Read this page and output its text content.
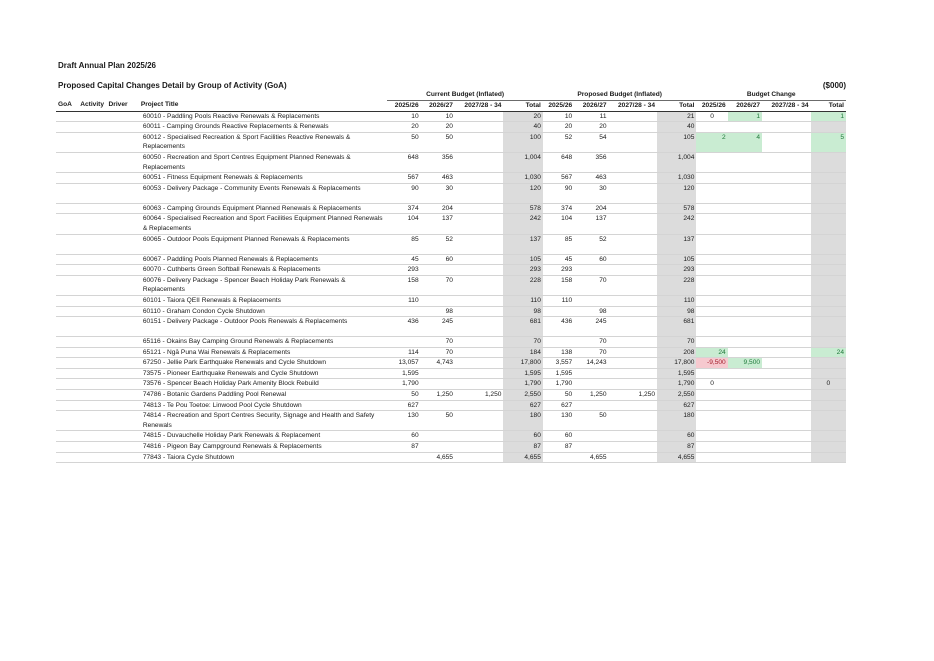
Draft Annual Plan 2025/26
Proposed Capital Changes Detail by Group of Activity (GoA)	($000)
				Current Budget (Inflated)				Proposed Budget (Inflated)				Budget Change			
GoA	Activity	Driver	Project Title	2025/26	2026/27	2027/28 - 34	Total	2025/26	2026/27	2027/28 - 34	Total	2025/26	2026/27	2027/28 - 34	Total
			60010 - Paddling Pools Reactive Renewals & Replacements	10	10		20	10	11		21	0	1		1
			60011 - Camping Grounds Reactive Replacements & Renewals	20	20		40	20	20		40				
			60012 - Specialised Recreation & Sport Facilities Reactive Renewals & Replacements	50	50		100	52	54		105	2	4		5
			60050 - Recreation and Sport Centres Equipment Planned Renewals & Replacements	648	356		1,004	648	356		1,004				
			60051 - Fitness Equipment Renewals & Replacements	567	463		1,030	567	463		1,030				
			60053 - Delivery Package - Community Events Renewals & Replacements	90	30		120	90	30		120				
			60063 - Camping Grounds Equipment Planned Renewals & Replacements	374	204		578	374	204		578				
			60064 - Specialised Recreation and Sport Facilities Equipment Planned Renewals & Replacements	104	137		242	104	137		242				
			60065 - Outdoor Pools Equipment Planned Renewals & Replacements	85	52		137	85	52		137				
			60067 - Paddling Pools Planned Renewals & Replacements	45	60		105	45	60		105				
			60070 - Cuthberts Green Softball Renewals & Replacements	293			293	293			293				
			60076 - Delivery Package - Spencer Beach Holiday Park Renewals & Replacements	158	70		228	158	70		228				
			60101 - Taiora QEII Renewals & Replacements	110			110	110			110				
			60110 - Graham Condon Cycle Shutdown		98		98		98		98				
			60151 - Delivery Package - Outdoor Pools Renewals & Replacements	436	245		681	436	245		681				
			65116 - Okains Bay Camping Ground Renewals & Replacements		70		70		70		70				
			65121 - Ngā Puna Wai Renewals & Replacements	114	70		184	138	70		208	24			24
			67250 - Jellie Park Earthquake Renewals and Cycle Shutdown	13,057	4,743		17,800	3,557	14,243		17,800	-9,500	9,500		
			73575 - Pioneer Earthquake Renewals and Cycle Shutdown	1,595			1,595	1,595			1,595				
			73576 - Spencer Beach Holiday Park Amenity Block Rebuild	1,790			1,790	1,790			1,790	0			0
			74786 - Botanic Gardens Paddling Pool Renewal	50	1,250	1,250	2,550	50	1,250	1,250	2,550				
			74813 - Te Pou Toetoe: Linwood Pool Cycle Shutdown	627			627	627			627				
			74814 - Recreation and Sport Centres Security, Signage and Health and Safety Renewals	130	50		180	130	50		180				
			74815 - Duvauchelle Holiday Park Renewals & Replacement	60			60	60			60				
			74816 - Pigeon Bay Campground Renewals & Replacements	87			87	87			87				
			77843 - Taiora Cycle Shutdown		4,655		4,655		4,655		4,655				
